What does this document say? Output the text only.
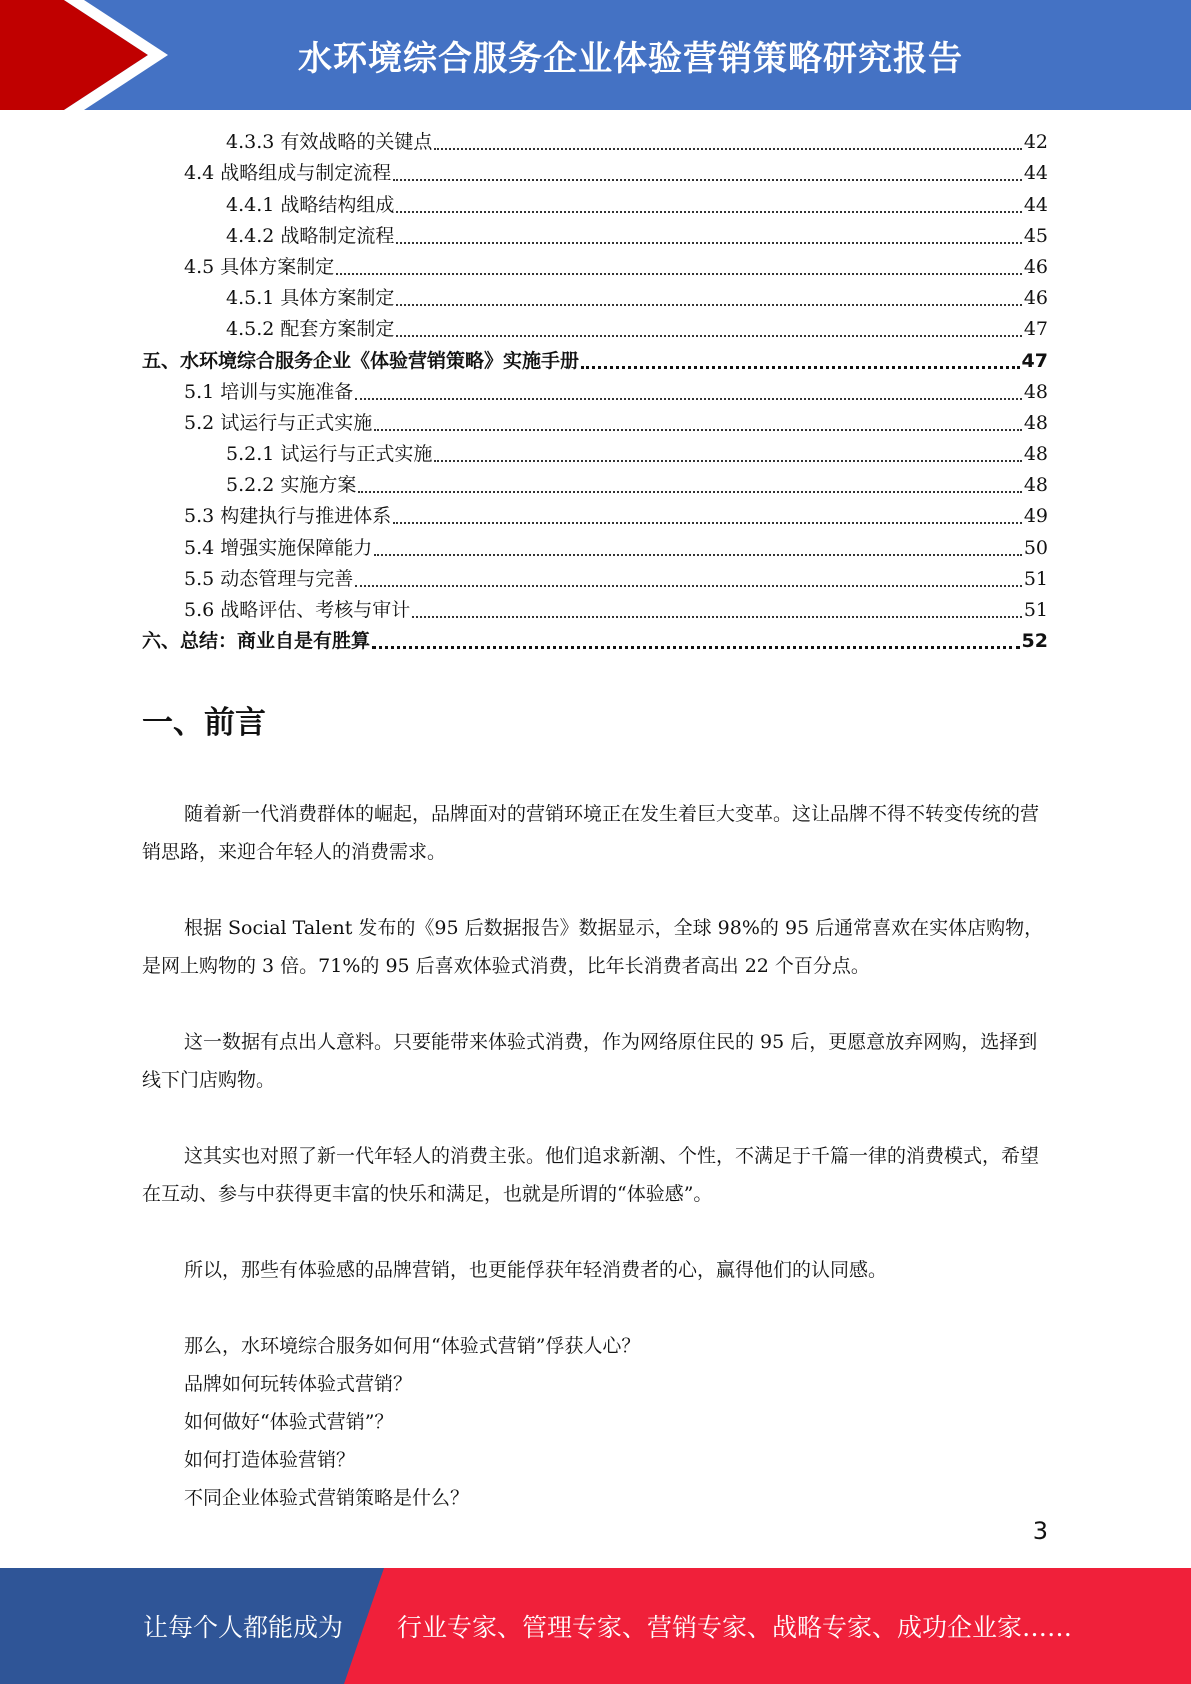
水环境综合服务企业体验营销策略研究报告
4.3.3 有效战略的关键点	42
4.4 战略组成与制定流程	44
4.4.1 战略结构组成	44
4.4.2 战略制定流程	45
4.5 具体方案制定	46
4.5.1 具体方案制定	46
4.5.2 配套方案制定	47
五、水环境综合服务企业《体验营销策略》实施手册	47
5.1 培训与实施准备	48
5.2 试运行与正式实施	48
5.2.1 试运行与正式实施	48
5.2.2 实施方案	48
5.3 构建执行与推进体系	49
5.4 增强实施保障能力	50
5.5 动态管理与完善	51
5.6 战略评估、考核与审计	51
六、总结：商业自是有胜算	52
一、前言

随着新一代消费群体的崛起，品牌面对的营销环境正在发生着巨大变革。这让品牌不得不转变传统的营销思路，来迎合年轻人的消费需求。

根据 Social Talent 发布的《95 后数据报告》数据显示，全球 98%的 95 后通常喜欢在实体店购物，是网上购物的 3 倍。71%的 95 后喜欢体验式消费，比年长消费者高出 22 个百分点。

这一数据有点出人意料。只要能带来体验式消费，作为网络原住民的 95 后，更愿意放弃网购，选择到线下门店购物。

这其实也对照了新一代年轻人的消费主张。他们追求新潮、个性，不满足于千篇一律的消费模式，希望在互动、参与中获得更丰富的快乐和满足，也就是所谓的“体验感”。

所以，那些有体验感的品牌营销，也更能俘获年轻消费者的心，赢得他们的认同感。

那么，水环境综合服务如何用“体验式营销”俘获人心？
品牌如何玩转体验式营销？
如何做好“体验式营销”？
如何打造体验营销？
不同企业体验式营销策略是什么？
3
让每个人都能成为 行业专家、管理专家、营销专家、战略专家、成功企业家……
